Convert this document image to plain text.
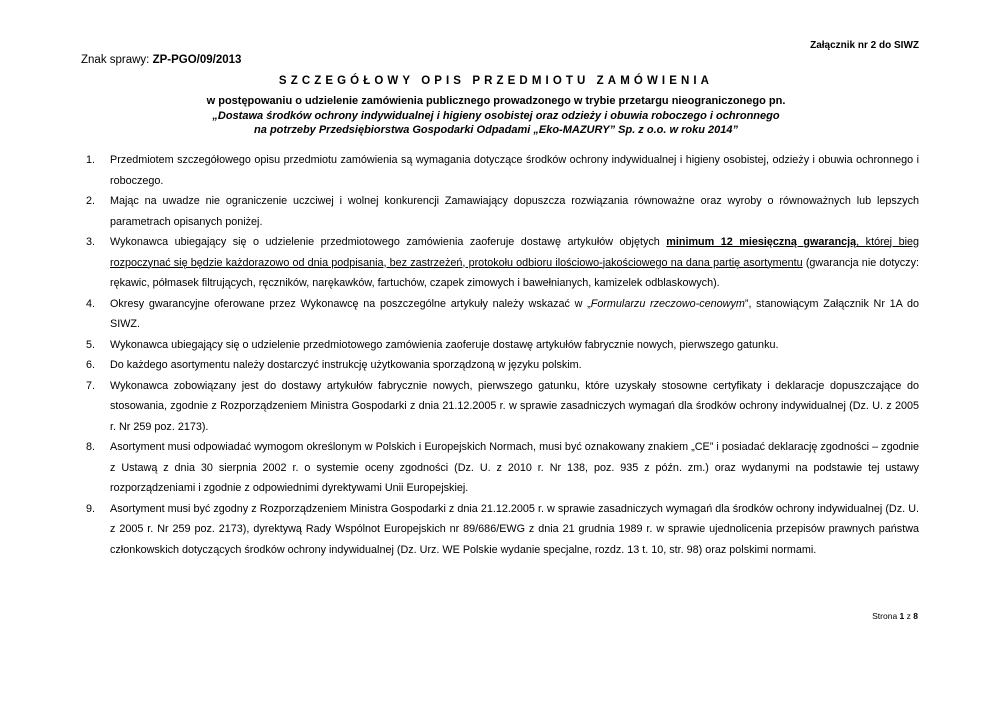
Załącznik nr 2 do SIWZ
Znak sprawy: ZP-PGO/09/2013
SZCZEGÓŁOWY OPIS PRZEDMIOTU ZAMÓWIENIA
w postępowaniu o udzielenie zamówienia publicznego prowadzonego w trybie przetargu nieograniczonego pn.
„Dostawa środków ochrony indywidualnej i higieny osobistej oraz odzieży i obuwia roboczego i ochronnego
na potrzeby Przedsiębiorstwa Gospodarki Odpadami „Eko-MAZURY” Sp. z o.o. w roku 2014”
1. Przedmiotem szczegółowego opisu przedmiotu zamówienia są wymagania dotyczące środków ochrony indywidualnej i higieny osobistej, odzieży i obuwia ochronnego i roboczego.
2. Mając na uwadze nie ograniczenie uczciwej i wolnej konkurencji Zamawiający dopuszcza rozwiązania równoważne oraz wyroby o równoważnych lub lepszych parametrach opisanych poniżej.
3. Wykonawca ubiegający się o udzielenie przedmiotowego zamówienia zaoferuje dostawę artykułów objętych minimum 12 miesięczną gwarancją, której bieg rozpoczynać się będzie każdorazowo od dnia podpisania, bez zastrzeżeń, protokołu odbioru ilościowo-jakościowego na dana partię asortymentu (gwarancja nie dotyczy: rękawic, półmasek filtrujących, ręczników, narękawków, fartuchów, czapek zimowych i bawełnianych, kamizelek odblaskowych).
4. Okresy gwarancyjne oferowane przez Wykonawcę na poszczególne artykuły należy wskazać w „Formularzu rzeczowo-cenowym”, stanowiącym Załącznik Nr 1A do SIWZ.
5. Wykonawca ubiegający się o udzielenie przedmiotowego zamówienia zaoferuje dostawę artykułów fabrycznie nowych, pierwszego gatunku.
6. Do każdego asortymentu należy dostarczyć instrukcję użytkowania sporządzoną w języku polskim.
7. Wykonawca zobowiązany jest do dostawy artykułów fabrycznie nowych, pierwszego gatunku, które uzyskały stosowne certyfikaty i deklaracje dopuszczające do stosowania, zgodnie z Rozporządzeniem Ministra Gospodarki z dnia 21.12.2005 r. w sprawie zasadniczych wymagań dla środków ochrony indywidualnej (Dz. U. z 2005 r. Nr 259 poz. 2173).
8. Asortyment musi odpowiadać wymogom określonym w Polskich i Europejskich Normach, musi być oznakowany znakiem „CE” i posiadać deklarację zgodności – zgodnie z Ustawą z dnia 30 sierpnia 2002 r. o systemie oceny zgodności (Dz. U. z 2010 r. Nr 138, poz. 935 z późn. zm.) oraz wydanymi na podstawie tej ustawy rozporządzeniami i zgodnie z odpowiednimi dyrektywami Unii Europejskiej.
9. Asortyment musi być zgodny z Rozporządzeniem Ministra Gospodarki z dnia 21.12.2005 r. w sprawie zasadniczych wymagań dla środków ochrony indywidualnej (Dz. U. z 2005 r. Nr 259 poz. 2173), dyrektywą Rady Wspólnot Europejskich nr 89/686/EWG z dnia 21 grudnia 1989 r. w sprawie ujednolicenia przepisów prawnych państwa członkowskich dotyczących środków ochrony indywidualnej (Dz. Urz. WE Polskie wydanie specjalne, rozdz. 13 t. 10, str. 98) oraz polskimi normami.
Strona 1 z 8
